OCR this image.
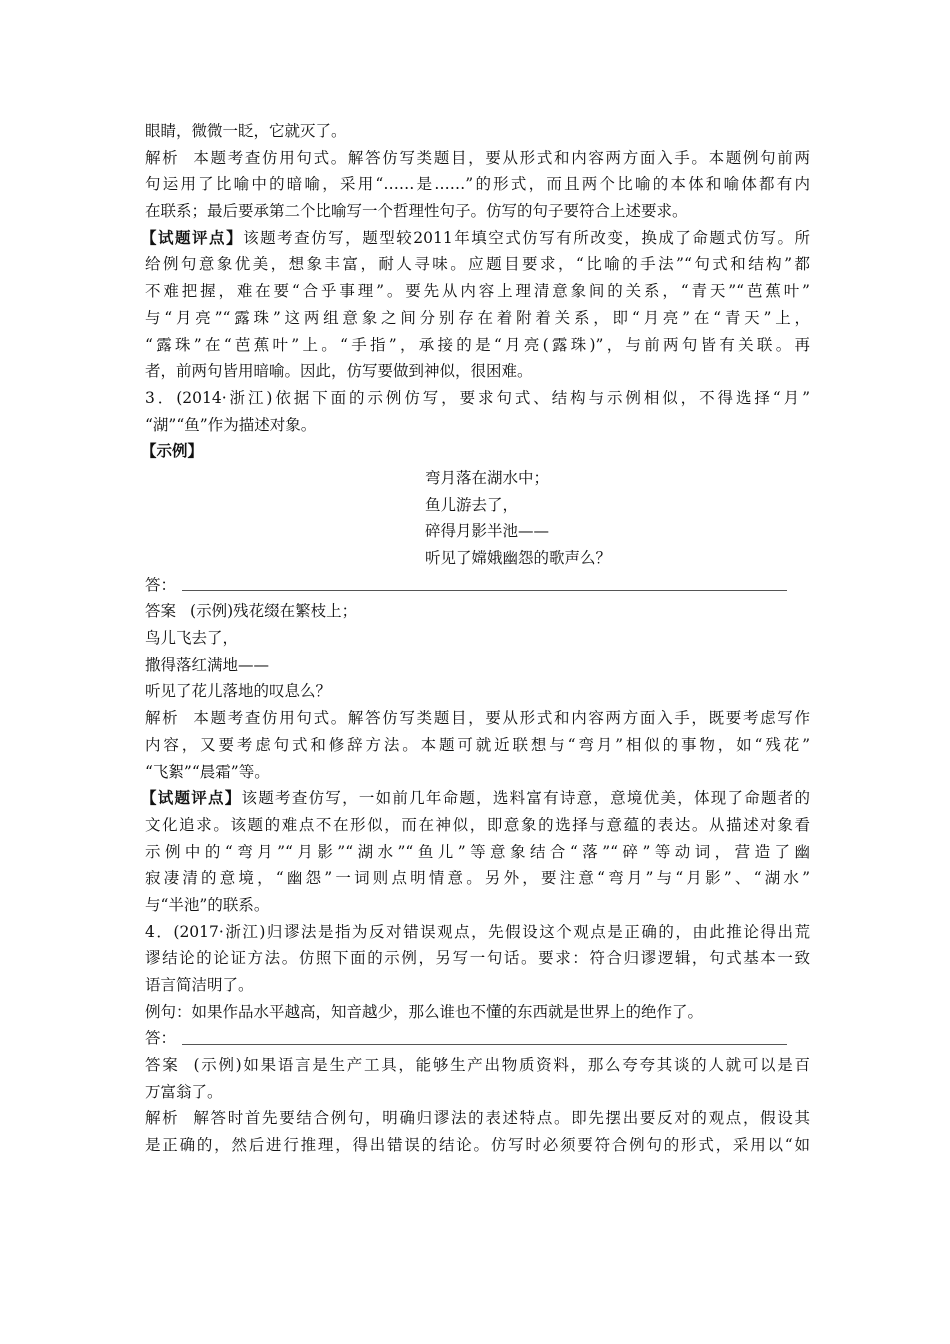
眼睛，微微一眨，它就灭了。
解析 本题考查仿用句式。解答仿写类题目，要从形式和内容两方面入手。本题例句前两
句运用了比喻中的暗喻，采用“……是……”的形式，而且两个比喻的本体和喻体都有内
在联系；最后要承第二个比喻写一个哲理性句子。仿写的句子要符合上述要求。
【试题评点】该题考查仿写，题型较2011年填空式仿写有所改变，换成了命题式仿写。所
给例句意象优美，想象丰富，耐人寻味。应题目要求，“比喻的手法”“句式和结构”都
不难把握，难在要“合乎事理”。要先从内容上理清意象间的关系，“青天”“芭蕉叶”
与“月亮”“露珠”这两组意象之间分别存在着附着关系，即“月亮”在“青天”上，
“露珠”在“芭蕉叶”上。“手指”，承接的是“月亮(露珠)”，与前两句皆有关联。再
者，前两句皆用暗喻。因此，仿写要做到神似，很困难。
3．(2014·浙江)依据下面的示例仿写，要求句式、结构与示例相似，不得选择“月”
“湖”“鱼”作为描述对象。
【示例】
弯月落在湖水中；
鱼儿游去了，
碎得月影半池——
听见了嫦娥幽怨的歌声么？
答：
答案 (示例)残花缀在繁枝上；
鸟儿飞去了，
撒得落红满地——
听见了花儿落地的叹息么？
解析 本题考查仿用句式。解答仿写类题目，要从形式和内容两方面入手，既要考虑写作
内容，又要考虑句式和修辞方法。本题可就近联想与“弯月”相似的事物，如“残花”
“飞絮”“晨霜”等。
【试题评点】该题考查仿写，一如前几年命题，选料富有诗意，意境优美，体现了命题者的
文化追求。该题的难点不在形似，而在神似，即意象的选择与意蕴的表达。从描述对象看
示例中的“弯月”“月影”“湖水”“鱼儿”等意象结合“落”“碎”等动词，营造了幽
寂凄清的意境，“幽怨”一词则点明情意。另外，要注意“弯月”与“月影”、“湖水”
与“半池”的联系。
4．(2017·浙江)归谬法是指为反对错误观点，先假设这个观点是正确的，由此推论得出荒
谬结论的论证方法。仿照下面的示例，另写一句话。要求：符合归谬逻辑，句式基本一致
语言简洁明了。
例句：如果作品水平越高，知音越少，那么谁也不懂的东西就是世界上的绝作了。
答：
答案 (示例)如果语言是生产工具，能够生产出物质资料，那么夸夸其谈的人就可以是百
万富翁了。
解析 解答时首先要结合例句，明确归谬法的表述特点。即先摆出要反对的观点，假设其
是正确的，然后进行推理，得出错误的结论。仿写时必须要符合例句的形式，采用以“如
